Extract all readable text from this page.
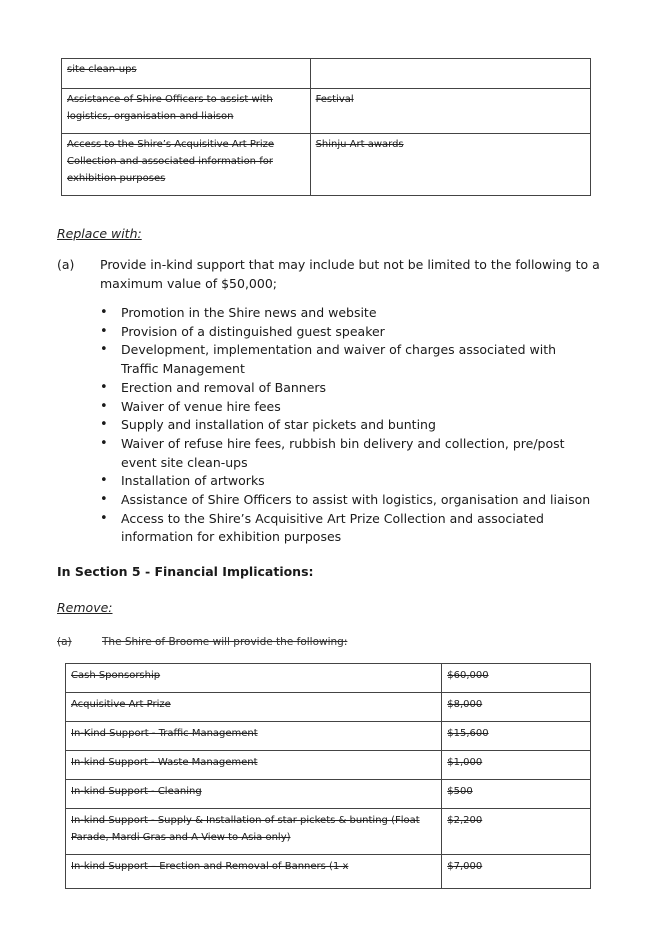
site clean-ups	
Assistance of Shire Officers to assist with logistics, organisation and liaison	Festival
Access to the Shire’s Acquisitive Art Prize Collection and associated information for exhibition purposes	Shinju Art awards
Replace with:
(a) Provide in-kind support that may include but not be limited to the following to a maximum value of $50,000;
• Promotion in the Shire news and website
• Provision of a distinguished guest speaker
• Development, implementation and waiver of charges associated with Traffic Management
• Erection and removal of Banners
• Waiver of venue hire fees
• Supply and installation of star pickets and bunting
• Waiver of refuse hire fees, rubbish bin delivery and collection, pre/post event site clean-ups
• Installation of artworks
• Assistance of Shire Officers to assist with logistics, organisation and liaison
• Access to the Shire’s Acquisitive Art Prize Collection and associated information for exhibition purposes
In Section 5 - Financial Implications:
Remove:
(a)	The Shire of Broome will provide the following:
Cash Sponsorship	$60,000
Acquisitive Art Prize	$8,000
In-Kind Support - Traffic Management	$15,600
In-kind Support - Waste Management	$1,000
In-kind Support - Cleaning	$500
In-kind Support - Supply & Installation of star pickets & bunting (Float Parade, Mardi Gras and A View to Asia only)	$2,200
In-kind Support – Erection and Removal of Banners (1 x	$7,000
